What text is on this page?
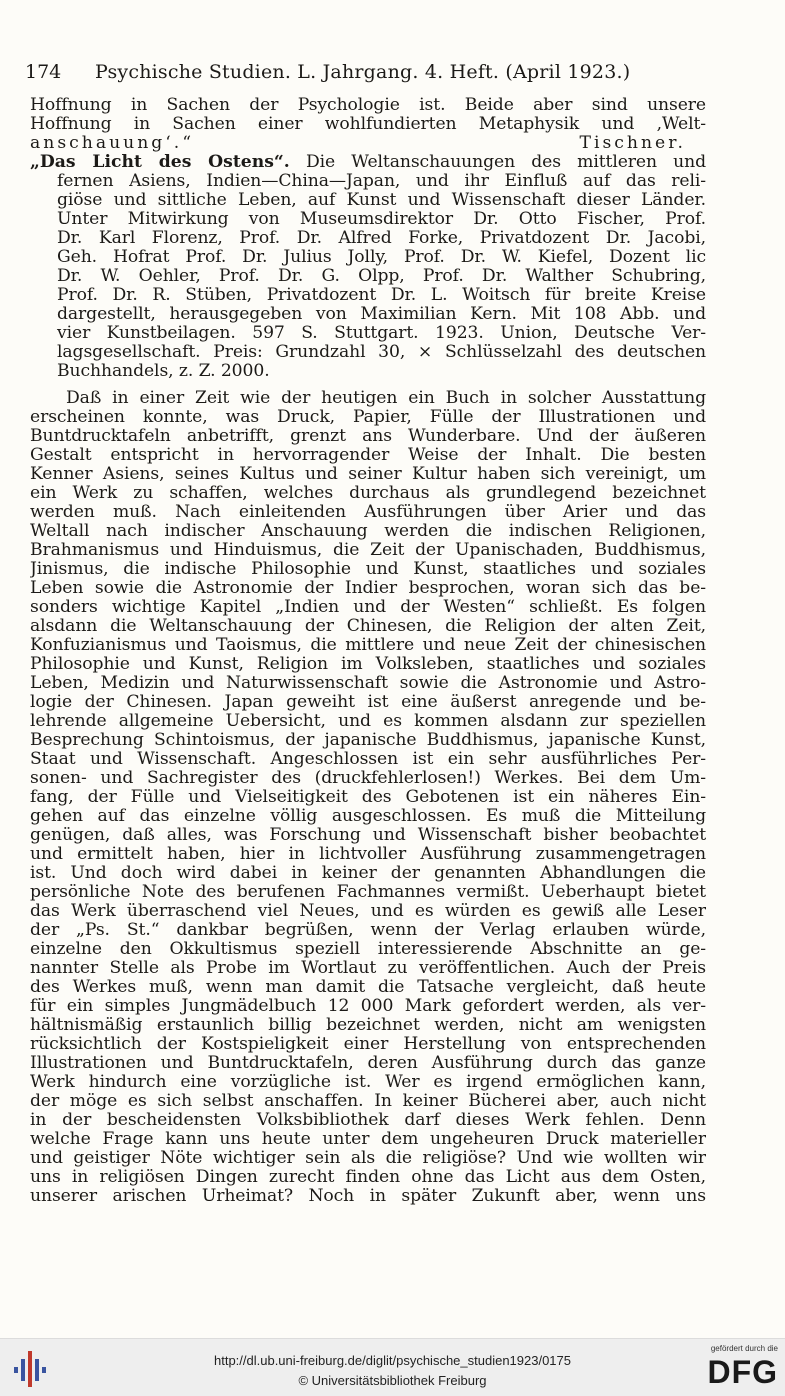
174 Psychische Studien. L. Jahrgang. 4. Heft. (April 1923.)
Hoffnung in Sachen der Psychologie ist. Beide aber sind unsere
Hoffnung in Sachen einer wohlfundierten Metaphysik und ‚Welt-
anschauung‘.“	Tischner.
„Das Licht des Ostens“. Die Weltanschauungen des mittleren und
fernen Asiens, Indien—China—Japan, und ihr Einfluß auf das reli-
giöse und sittliche Leben, auf Kunst und Wissenschaft dieser Länder.
Unter Mitwirkung von Museumsdirektor Dr. Otto Fischer, Prof.
Dr. Karl Florenz, Prof. Dr. Alfred Forke, Privatdozent Dr. Jacobi,
Geh. Hofrat Prof. Dr. Julius Jolly, Prof. Dr. W. Kiefel, Dozent lic
Dr. W. Oehler, Prof. Dr. G. Olpp, Prof. Dr. Walther Schubring,
Prof. Dr. R. Stüben, Privatdozent Dr. L. Woitsch für breite Kreise
dargestellt, herausgegeben von Maximilian Kern. Mit 108 Abb. und
vier Kunstbeilagen. 597 S. Stuttgart. 1923. Union, Deutsche Ver-
lagsgesellschaft. Preis: Grundzahl 30, × Schlüsselzahl des deutschen
Buchhandels, z. Z. 2000.
Daß in einer Zeit wie der heutigen ein Buch in solcher Ausstattung
erscheinen konnte, was Druck, Papier, Fülle der Illustrationen und
Buntdrucktafeln anbetrifft, grenzt ans Wunderbare. Und der äußeren
Gestalt entspricht in hervorragender Weise der Inhalt. Die besten
Kenner Asiens, seines Kultus und seiner Kultur haben sich vereinigt, um
ein Werk zu schaffen, welches durchaus als grundlegend bezeichnet
werden muß. Nach einleitenden Ausführungen über Arier und das
Weltall nach indischer Anschauung werden die indischen Religionen,
Brahmanismus und Hinduismus, die Zeit der Upanischaden, Buddhismus,
Jinismus, die indische Philosophie und Kunst, staatliches und soziales
Leben sowie die Astronomie der Indier besprochen, woran sich das be-
sonders wichtige Kapitel „Indien und der Westen“ schließt. Es folgen
alsdann die Weltanschauung der Chinesen, die Religion der alten Zeit,
Konfuzianismus und Taoismus, die mittlere und neue Zeit der chinesischen
Philosophie und Kunst, Religion im Volksleben, staatliches und soziales
Leben, Medizin und Naturwissenschaft sowie die Astronomie und Astro-
logie der Chinesen. Japan geweiht ist eine äußerst anregende und be-
lehrende allgemeine Uebersicht, und es kommen alsdann zur speziellen
Besprechung Schintoismus, der japanische Buddhismus, japanische Kunst,
Staat und Wissenschaft. Angeschlossen ist ein sehr ausführliches Per-
sonen- und Sachregister des (druckfehlerlosen!) Werkes. Bei dem Um-
fang, der Fülle und Vielseitigkeit des Gebotenen ist ein näheres Ein-
gehen auf das einzelne völlig ausgeschlossen. Es muß die Mitteilung
genügen, daß alles, was Forschung und Wissenschaft bisher beobachtet
und ermittelt haben, hier in lichtvoller Ausführung zusammengetragen
ist. Und doch wird dabei in keiner der genannten Abhandlungen die
persönliche Note des berufenen Fachmannes vermißt. Ueberhaupt bietet
das Werk überraschend viel Neues, und es würden es gewiß alle Leser
der „Ps. St.“ dankbar begrüßen, wenn der Verlag erlauben würde,
einzelne den Okkultismus speziell interessierende Abschnitte an ge-
nannter Stelle als Probe im Wortlaut zu veröffentlichen. Auch der Preis
des Werkes muß, wenn man damit die Tatsache vergleicht, daß heute
für ein simples Jungmädelbuch 12 000 Mark gefordert werden, als ver-
hältnismäßig erstaunlich billig bezeichnet werden, nicht am wenigsten
rücksichtlich der Kostspieligkeit einer Herstellung von entsprechenden
Illustrationen und Buntdrucktafeln, deren Ausführung durch das ganze
Werk hindurch eine vorzügliche ist. Wer es irgend ermöglichen kann,
der möge es sich selbst anschaffen. In keiner Bücherei aber, auch nicht
in der bescheidensten Volksbibliothek darf dieses Werk fehlen. Denn
welche Frage kann uns heute unter dem ungeheuren Druck materieller
und geistiger Nöte wichtiger sein als die religiöse? Und wie wollten wir
uns in religiösen Dingen zurecht finden ohne das Licht aus dem Osten,
unserer arischen Urheimat? Noch in später Zukunft aber, wenn uns
http://dl.ub.uni-freiburg.de/diglit/psychische_studien1923/0175
© Universitätsbibliothek Freiburg
gefördert durch die
DFG
